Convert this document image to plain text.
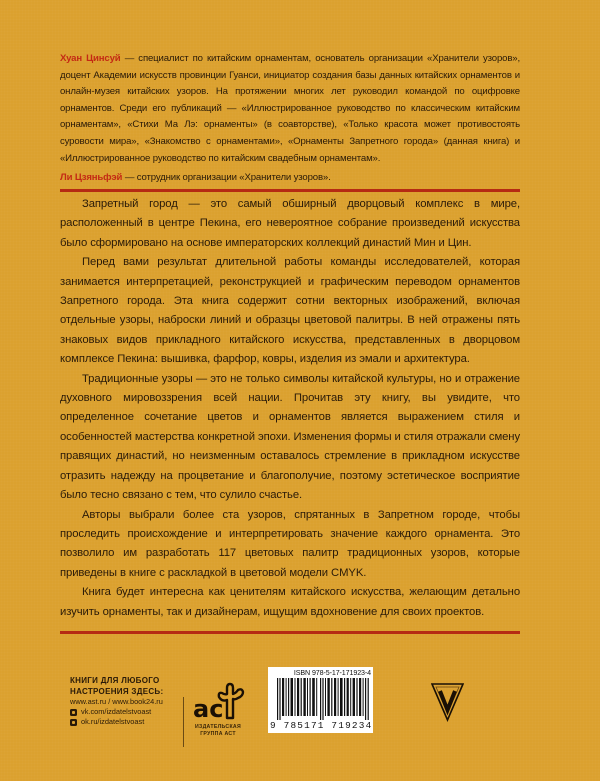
Хуан Цинсуй — специалист по китайским орнаментам, основатель организации «Хранители узоров», доцент Академии искусств провинции Гуанси, инициатор создания базы данных китайских орнаментов и онлайн-музея китайских узоров. На протяжении многих лет руководил командой по оцифровке орнаментов. Среди его публикаций — «Иллюстрированное руководство по классическим китайским орнаментам», «Стихи Ма Лэ: орнаменты» (в соавторстве), «Только красота может противостоять суровости мира», «Знакомство с орнаментами», «Орнаменты Запретного города» (данная книга) и «Иллюстрированное руководство по китайским свадебным орнаментам».

Ли Цзяньфэй — сотрудник организации «Хранители узоров».

Запретный город — это самый обширный дворцовый комплекс в мире, расположенный в центре Пекина, его невероятное собрание произведений искусства было сформировано на основе императорских коллекций династий Мин и Цин.

Перед вами результат длительной работы команды исследователей, которая занимается интерпретацией, реконструкцией и графическим переводом орнаментов Запретного города. Эта книга содержит сотни векторных изображений, включая отдельные узоры, наброски линий и образцы цветовой палитры. В ней отражены пять знаковых видов прикладного китайского искусства, представленных в дворцовом комплексе Пекина: вышивка, фарфор, ковры, изделия из эмали и архитектура.

Традиционные узоры — это не только символы китайской культуры, но и отражение духовного мировоззрения всей нации. Прочитав эту книгу, вы увидите, что определенное сочетание цветов и орнаментов является выражением стиля и особенностей мастерства конкретной эпохи. Изменения формы и стиля отражали смену правящих династий, но неизменным оставалось стремление в прикладном искусстве отразить надежду на процветание и благополучие, поэтому эстетическое восприятие было тесно связано с тем, что сулило счастье.

Авторы выбрали более ста узоров, спрятанных в Запретном городе, чтобы проследить происхождение и интерпретировать значение каждого орнамента. Это позволило им разработать 117 цветовых палитр традиционных узоров, которые приведены в книге с раскладкой в цветовой модели CMYK.

Книга будет интересна как ценителям китайского искусства, желающим детально изучить орнаменты, так и дизайнерам, ищущим вдохновение для своих проектов.

КНИГИ ДЛЯ ЛЮБОГО
НАСТРОЕНИЯ ЗДЕСЬ:
www.ast.ru / www.book24.ru
vk.com/izdatelstvoast
ok.ru/izdatelstvoast ac
ИЗДАТЕЛЬСКАЯ
ГРУППА АСТ
ISBN 978-5-17-171923-4
9 785171 719234
